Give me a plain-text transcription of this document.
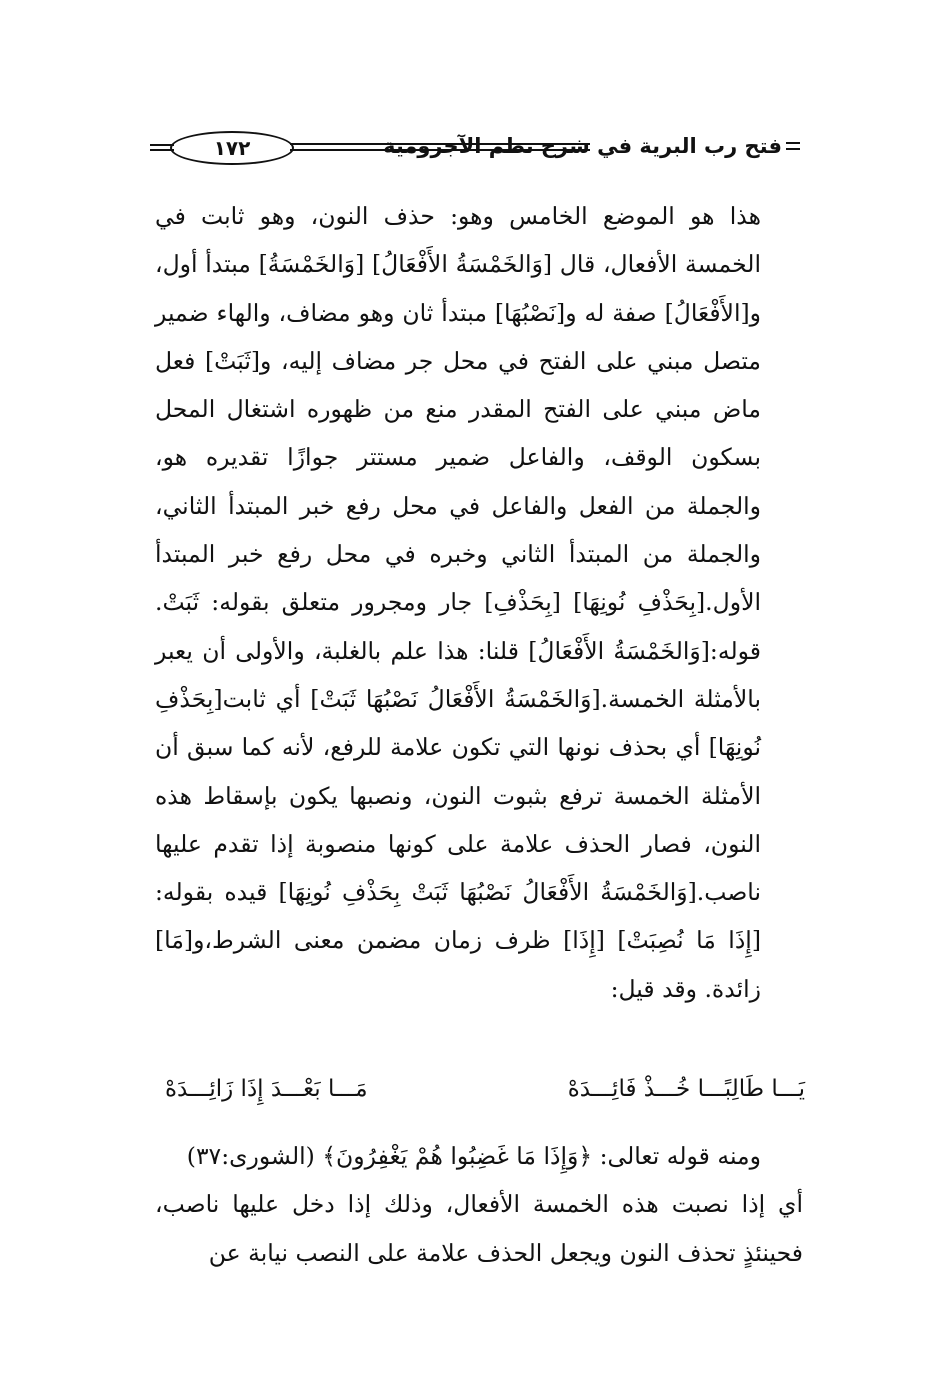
فتح رب البرية في شرح نظم الآجرومية
١٧٢

هذا هو الموضع الخامس وهو: حذف النون، وهو ثابت في الخمسة الأفعال، قال [وَالخَمْسَةُ الأَفْعَالُ] [وَالخَمْسَةُ] مبتدأ أول، و[الأَفْعَالُ] صفة له و[نَصْبُهَا] مبتدأ ثان وهو مضاف، والهاء ضمير متصل مبني على الفتح في محل جر مضاف إليه، و[ثَبَتْ] فعل ماض مبني على الفتح المقدر منع من ظهوره اشتغال المحل بسكون الوقف، والفاعل ضمير مستتر جوازًا تقديره هو، والجملة من الفعل والفاعل في محل رفع خبر المبتدأ الثاني، والجملة من المبتدأ الثاني وخبره في محل رفع خبر المبتدأ الأول.[بِحَذْفِ نُونِهَا] [بِحَذْفِ] جار ومجرور متعلق بقوله: ثَبَتْ. قوله:[وَالخَمْسَةُ الأَفْعَالُ] قلنا: هذا علم بالغلبة، والأولى أن يعبر بالأمثلة الخمسة.[وَالخَمْسَةُ الأَفْعَالُ نَصْبُهَا ثَبَتْ] أي ثابت[بِحَذْفِ نُونِهَا] أي بحذف نونها التي تكون علامة للرفع، لأنه كما سبق أن الأمثلة الخمسة ترفع بثبوت النون، ونصبها يكون بإسقاط هذه النون، فصار الحذف علامة على كونها منصوبة إذا تقدم عليها ناصب.[وَالخَمْسَةُ الأَفْعَالُ نَصْبُهَا ثَبَتْ بِحَذْفِ نُونِهَا] قيده بقوله:[إِذَا مَا نُصِبَتْ] [إِذَا] ظرف زمان مضمن معنى الشرط،و[مَا] زائدة. وقد قيل:

يَـــا طَالِبًـــا خُـــذْ فَائِـــدَهْ
مَـــا بَعْـــدَ إِذَا زَائِـــدَهْ

ومنه قوله تعالى: ﴿وَإِذَا مَا غَضِبُوا هُمْ يَغْفِرُونَ﴾ (الشورى:٣٧)

أي إذا نصبت هذه الخمسة الأفعال، وذلك إذا دخل عليها ناصب، فحينئذٍ تحذف النون ويجعل الحذف علامة على النصب نيابة عن
